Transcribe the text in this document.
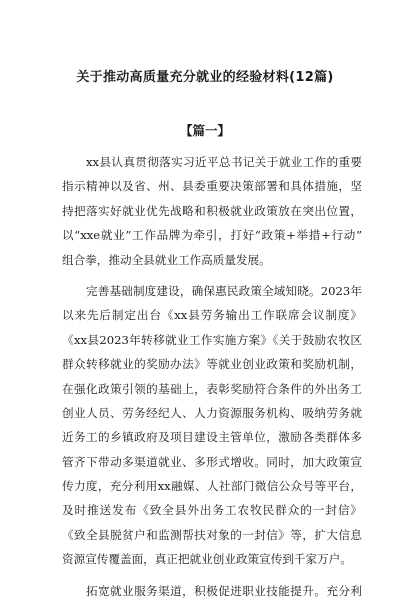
关于推动高质量充分就业的经验材料(12篇)
【篇一】
xx县认真贯彻落实习近平总书记关于就业工作的重要
指示精神以及省、州、县委重要决策部署和具体措施，坚
持把落实好就业优先战略和积极就业政策放在突出位置，
以“xxe就业”工作品牌为牵引，打好“政策+举措+行动”
组合拳，推动全县就业工作高质量发展。
完善基础制度建设，确保惠民政策全域知晓。2023年
以来先后制定出台《xx县劳务输出工作联席会议制度》
《xx县2023年转移就业工作实施方案》《关于鼓励农牧区
群众转移就业的奖励办法》等就业创业政策和奖励机制，
在强化政策引领的基础上，表彰奖励符合条件的外出务工
创业人员、劳务经纪人、人力资源服务机构、吸纳劳务就
近务工的乡镇政府及项目建设主管单位，激励各类群体多
管齐下带动多渠道就业、多形式增收。同时，加大政策宣
传力度，充分利用xx融媒、人社部门微信公众号等平台，
及时推送发布《致全县外出务工农牧民群众的一封信》
《致全县脱贫户和监测帮扶对象的一封信》等，扩大信息
资源宣传覆盖面，真正把就业创业政策宣传到千家万户。
拓宽就业服务渠道，积极促进职业技能提升。充分利
